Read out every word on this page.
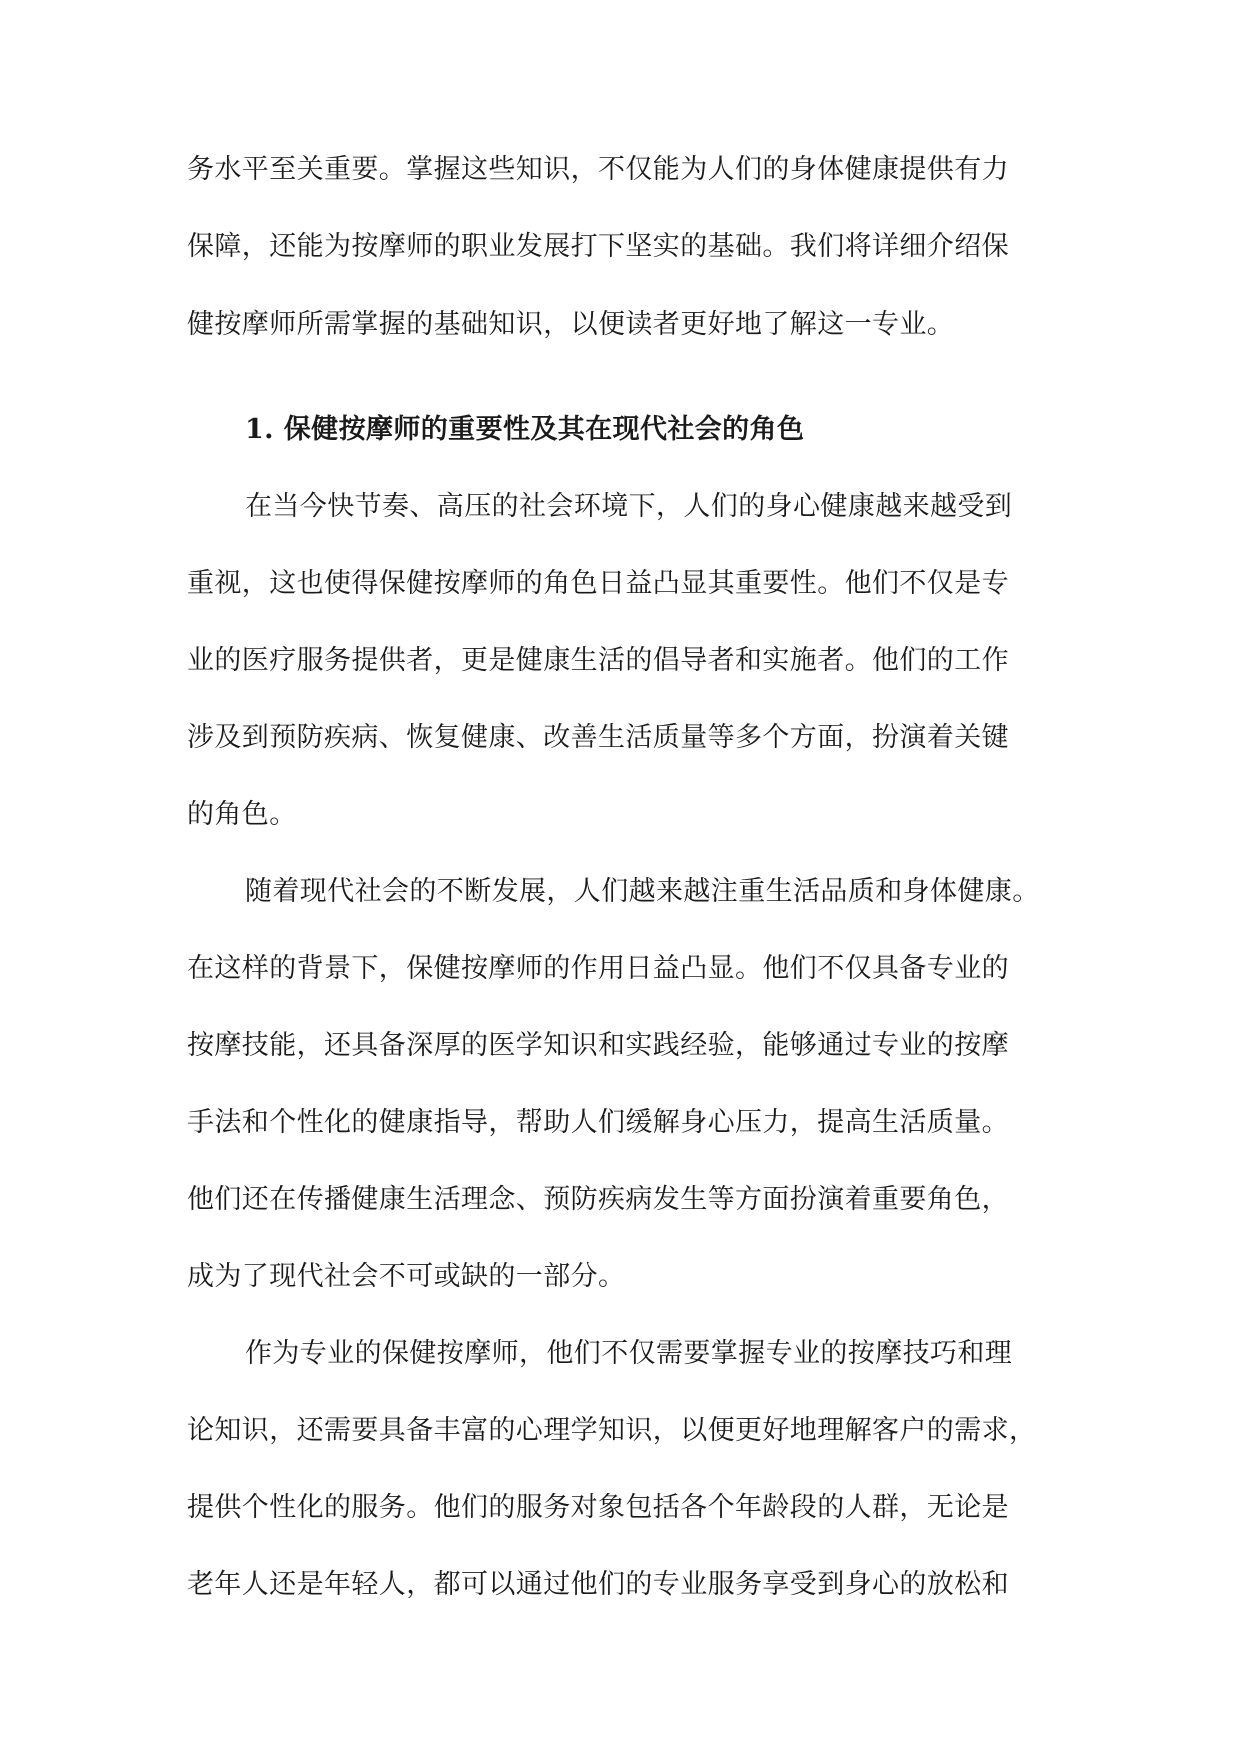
务水平至关重要。掌握这些知识，不仅能为人们的身体健康提供有力
保障，还能为按摩师的职业发展打下坚实的基础。我们将详细介绍保
健按摩师所需掌握的基础知识，以便读者更好地了解这一专业。
1. 保健按摩师的重要性及其在现代社会的角色
在当今快节奏、高压的社会环境下，人们的身心健康越来越受到
重视，这也使得保健按摩师的角色日益凸显其重要性。他们不仅是专
业的医疗服务提供者，更是健康生活的倡导者和实施者。他们的工作
涉及到预防疾病、恢复健康、改善生活质量等多个方面，扮演着关键
的角色。
随着现代社会的不断发展，人们越来越注重生活品质和身体健康。
在这样的背景下，保健按摩师的作用日益凸显。他们不仅具备专业的
按摩技能，还具备深厚的医学知识和实践经验，能够通过专业的按摩
手法和个性化的健康指导，帮助人们缓解身心压力，提高生活质量。
他们还在传播健康生活理念、预防疾病发生等方面扮演着重要角色，
成为了现代社会不可或缺的一部分。
作为专业的保健按摩师，他们不仅需要掌握专业的按摩技巧和理
论知识，还需要具备丰富的心理学知识，以便更好地理解客户的需求，
提供个性化的服务。他们的服务对象包括各个年龄段的人群，无论是
老年人还是年轻人，都可以通过他们的专业服务享受到身心的放松和
